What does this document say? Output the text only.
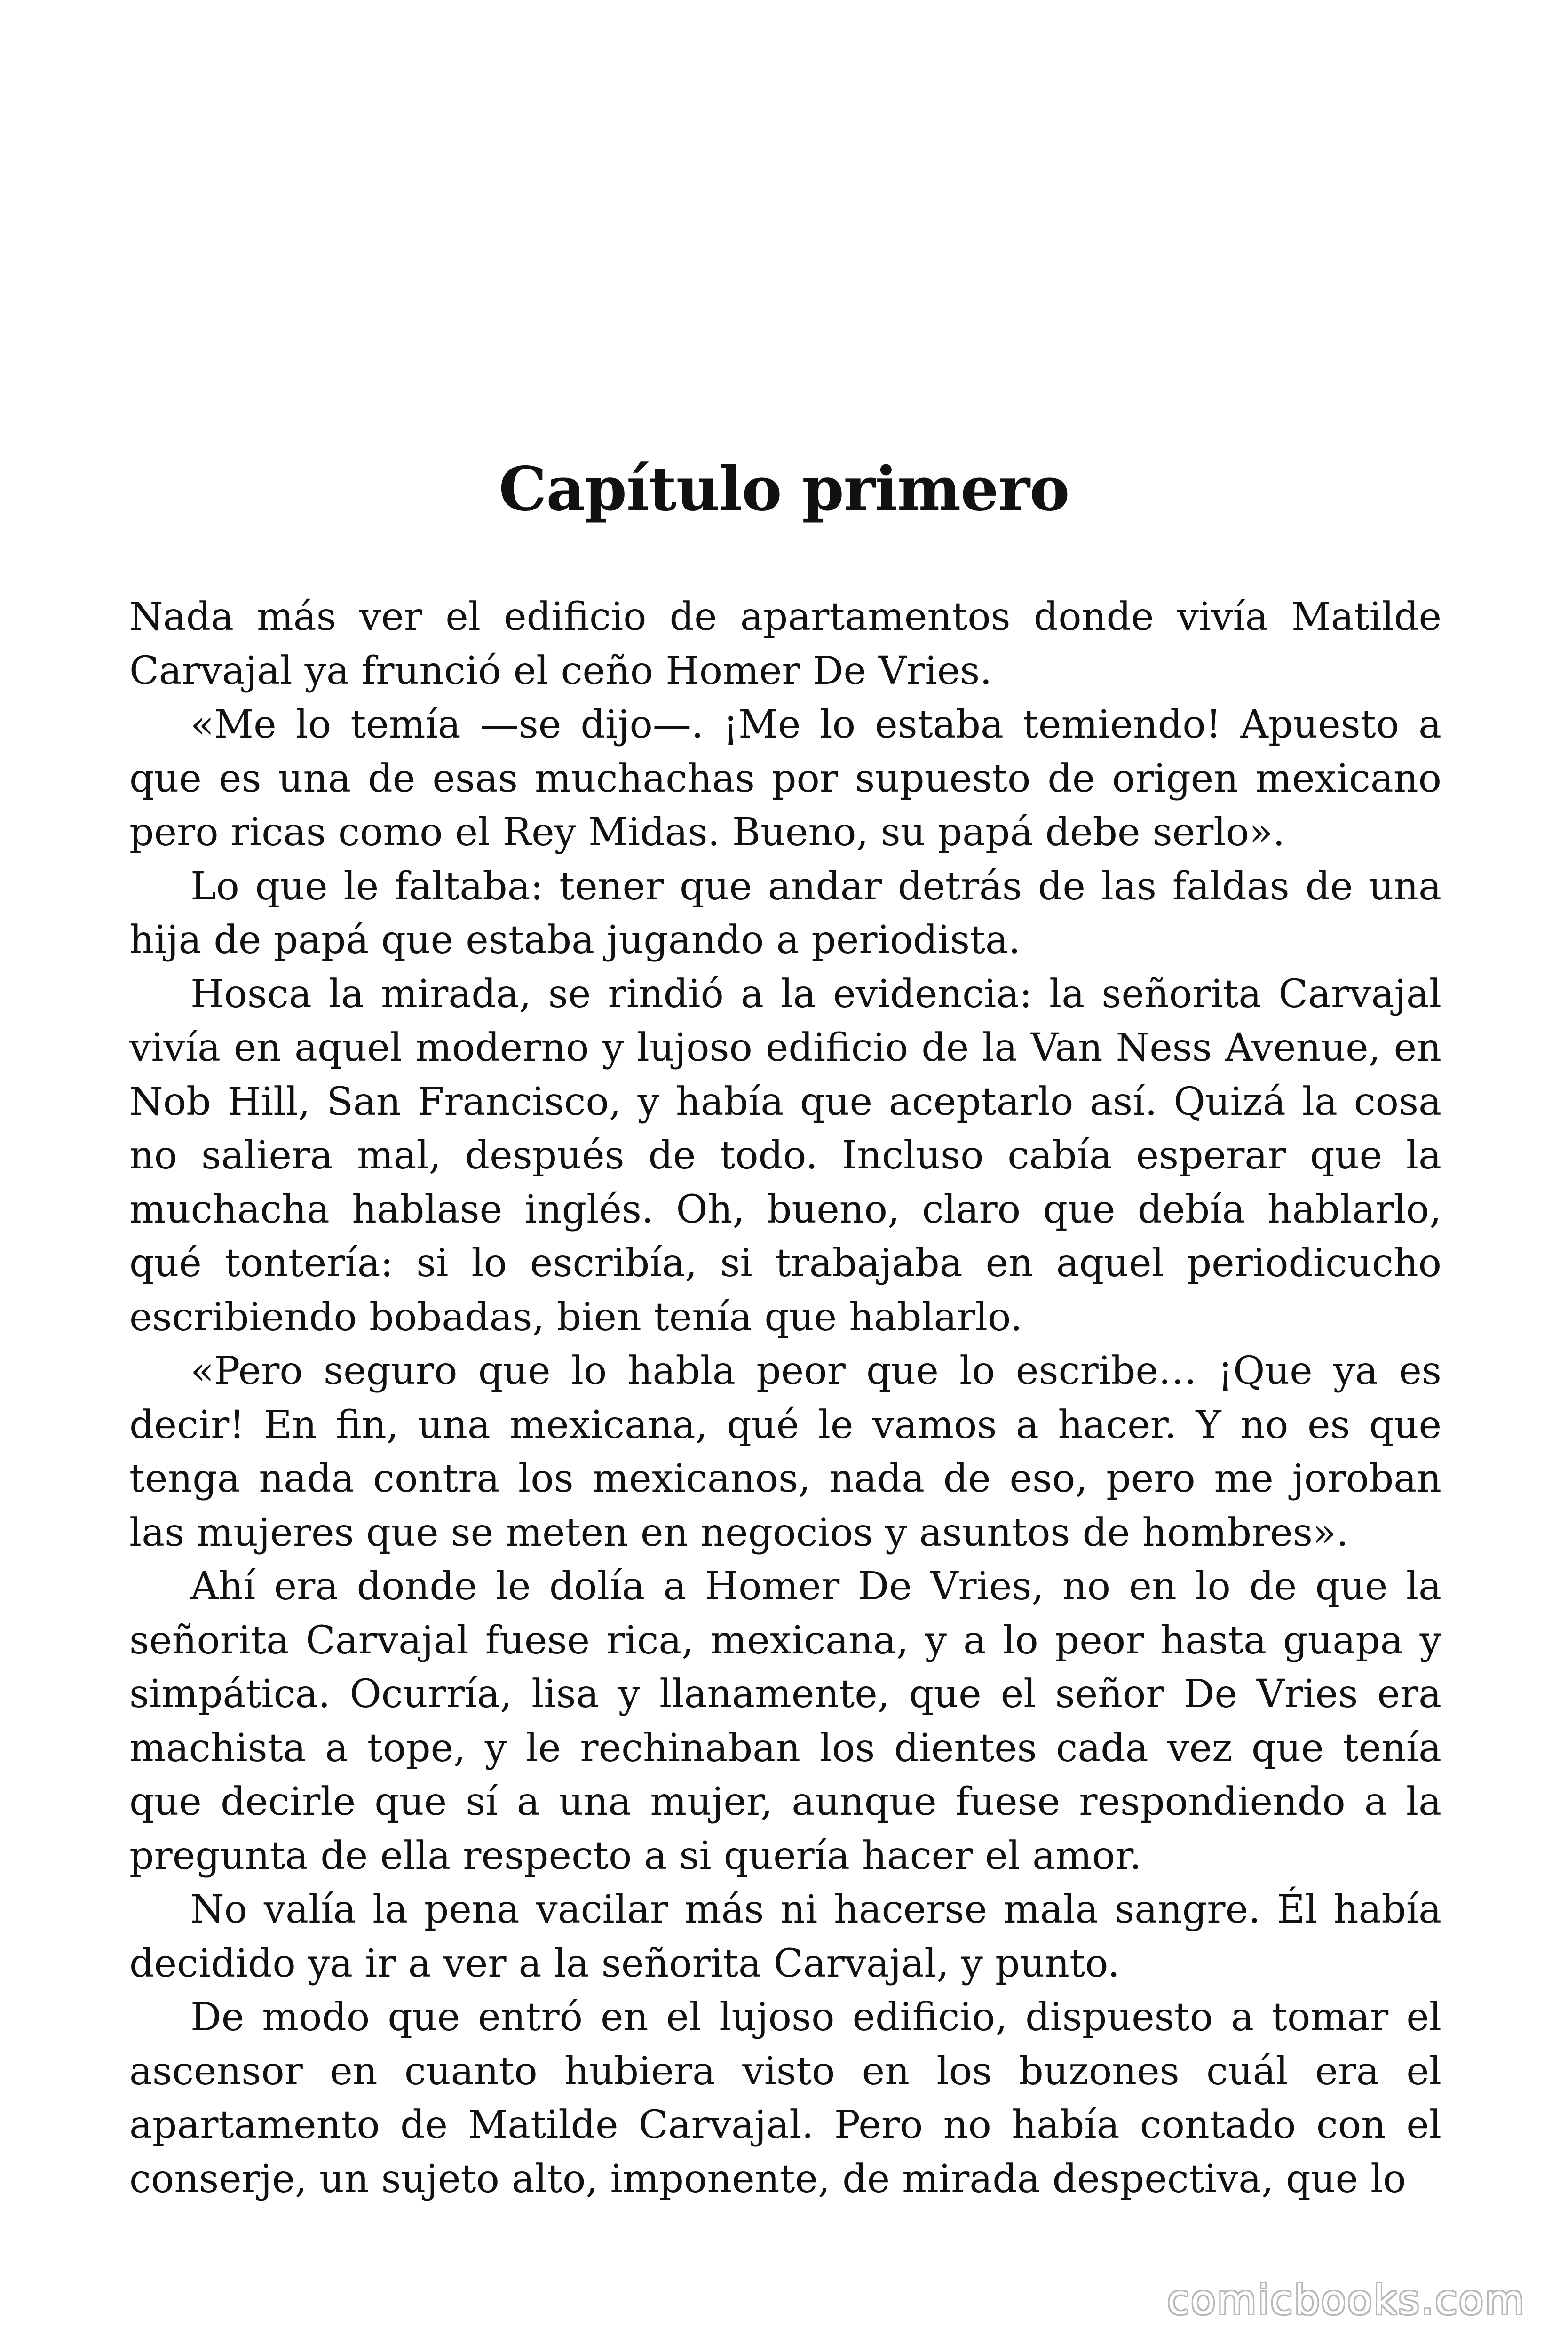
Capítulo primero

Nada más ver el edificio de apartamentos donde vivía Matilde Carvajal ya frunció el ceño Homer De Vries.

«Me lo temía —se dijo—. ¡Me lo estaba temiendo! Apuesto a que es una de esas muchachas por supuesto de origen mexicano pero ricas como el Rey Midas. Bueno, su papá debe serlo».

Lo que le faltaba: tener que andar detrás de las faldas de una hija de papá que estaba jugando a periodista.

Hosca la mirada, se rindió a la evidencia: la señorita Carvajal vivía en aquel moderno y lujoso edificio de la Van Ness Avenue, en Nob Hill, San Francisco, y había que aceptarlo así. Quizá la cosa no saliera mal, después de todo. Incluso cabía esperar que la muchacha hablase inglés. Oh, bueno, claro que debía hablarlo, qué tontería: si lo escribía, si trabajaba en aquel periodicucho escribiendo bobadas, bien tenía que hablarlo.

«Pero seguro que lo habla peor que lo escribe… ¡Que ya es decir! En fin, una mexicana, qué le vamos a hacer. Y no es que tenga nada contra los mexicanos, nada de eso, pero me joroban las mujeres que se meten en negocios y asuntos de hombres».

Ahí era donde le dolía a Homer De Vries, no en lo de que la señorita Carvajal fuese rica, mexicana, y a lo peor hasta guapa y simpática. Ocurría, lisa y llanamente, que el señor De Vries era machista a tope, y le rechinaban los dientes cada vez que tenía que decirle que sí a una mujer, aunque fuese respondiendo a la pregunta de ella respecto a si quería hacer el amor.

No valía la pena vacilar más ni hacerse mala sangre. Él había decidido ya ir a ver a la señorita Carvajal, y punto.

De modo que entró en el lujoso edificio, dispuesto a tomar el ascensor en cuanto hubiera visto en los buzones cuál era el apartamento de Matilde Carvajal. Pero no había contado con el conserje, un sujeto alto, imponente, de mirada despectiva, que lo

comicbooks.com
